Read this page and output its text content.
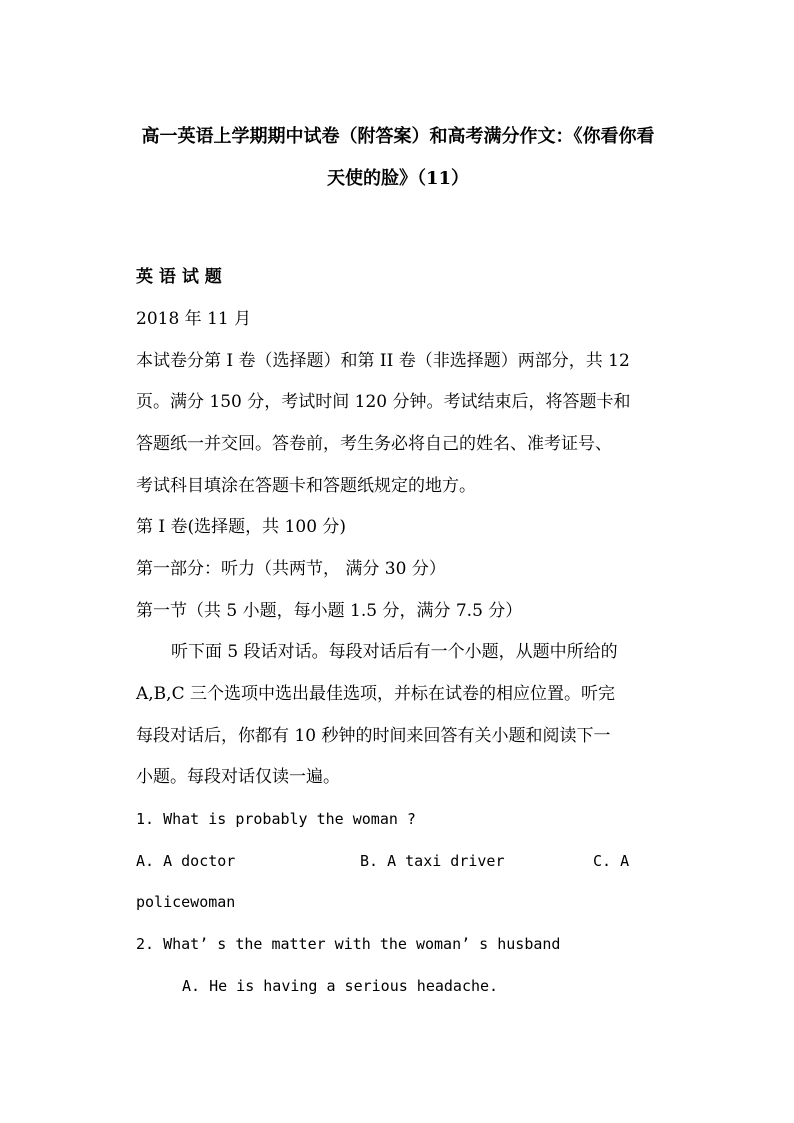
高一英语上学期期中试卷（附答案）和高考满分作文：《你看你看
天使的脸》（11）
英 语 试 题
2018 年 11 月
本试卷分第 I 卷（选择题）和第 II 卷（非选择题）两部分，共 12
页。满分 150 分，考试时间 120 分钟。考试结束后，将答题卡和
答题纸一并交回。答卷前，考生务必将自己的姓名、准考证号、
考试科目填涂在答题卡和答题纸规定的地方。
第 I 卷(选择题，共 100 分)
第一部分：听力（共两节， 满分 30 分）
第一节（共 5 小题，每小题 1.5 分，满分 7.5 分）
听下面 5 段话对话。每段对话后有一个小题，从题中所给的
A,B,C 三个选项中选出最佳选项，并标在试卷的相应位置。听完
每段对话后，你都有 10 秒钟的时间来回答有关小题和阅读下一
小题。每段对话仅读一遍。
1. What is probably the woman ?
A. A doctor	B. A taxi driver	C. A
policewoman
2. What’ s the matter with the woman’ s husband
A. He is having a serious headache.
